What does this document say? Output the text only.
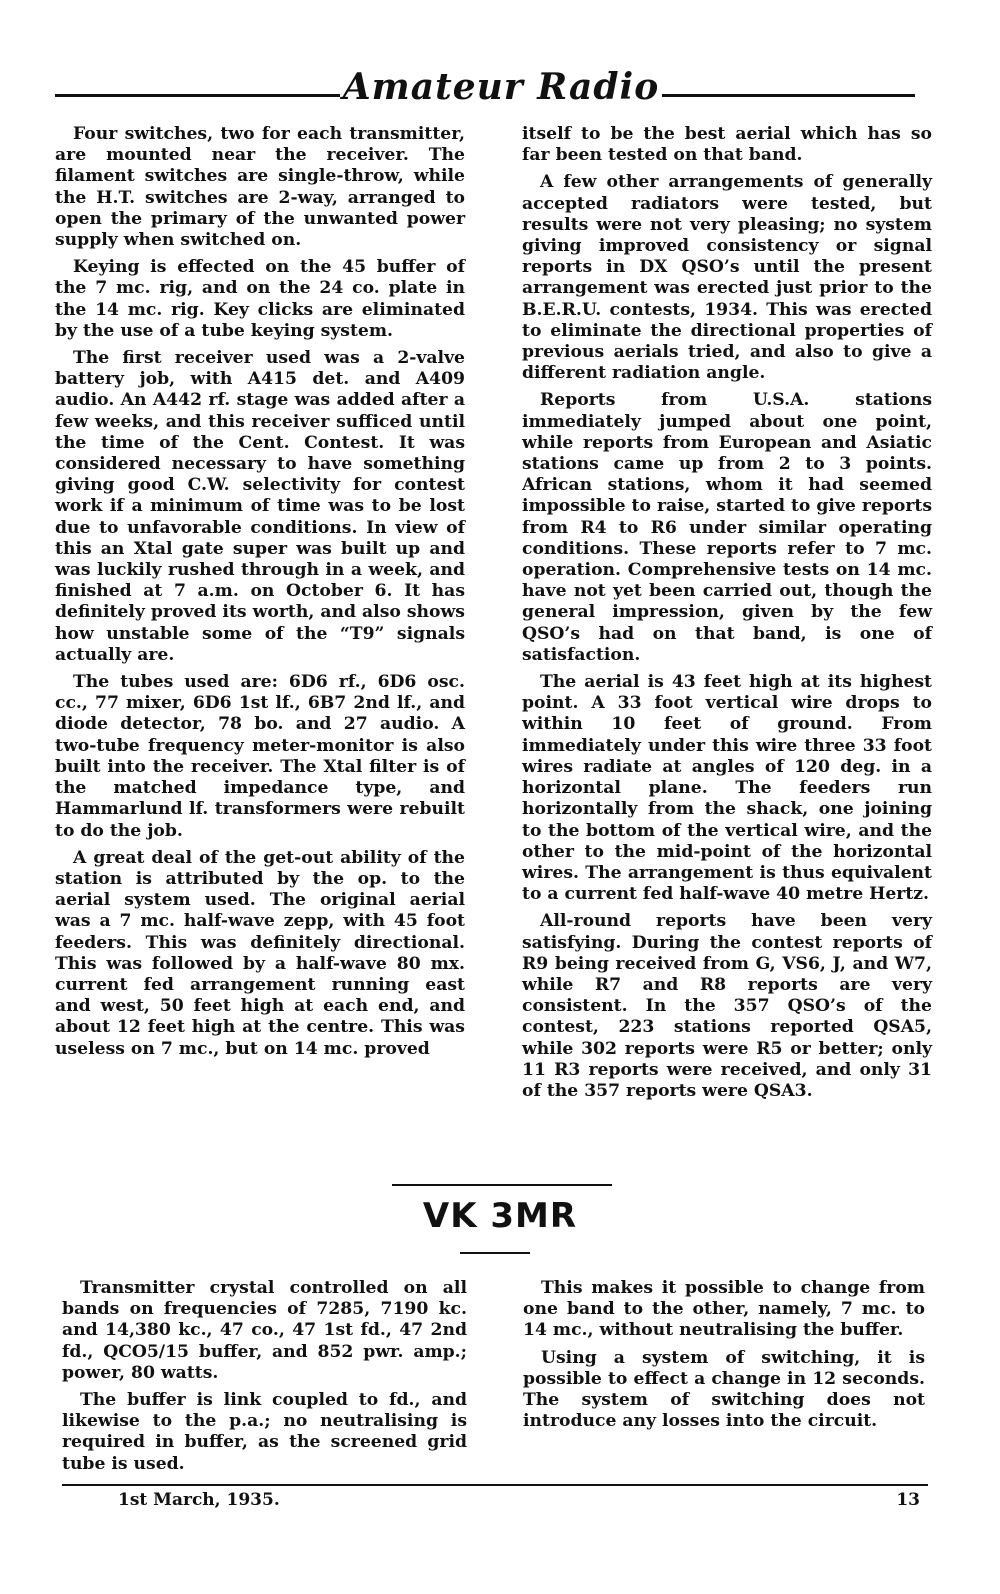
Amateur Radio

Four switches, two for each transmitter, are mounted near the receiver. The filament switches are single-throw, while the H.T. switches are 2-way, arranged to open the primary of the unwanted power supply when switched on.

Keying is effected on the 45 buffer of the 7 mc. rig, and on the 24 co. plate in the 14 mc. rig. Key clicks are eliminated by the use of a tube keying system.

The first receiver used was a 2-valve battery job, with A415 det. and A409 audio. An A442 rf. stage was added after a few weeks, and this receiver sufficed until the time of the Cent. Contest. It was considered necessary to have something giving good C.W. selectivity for contest work if a minimum of time was to be lost due to unfavorable conditions. In view of this an Xtal gate super was built up and was luckily rushed through in a week, and finished at 7 a.m. on October 6. It has definitely proved its worth, and also shows how unstable some of the “T9” signals actually are.

The tubes used are: 6D6 rf., 6D6 osc. cc., 77 mixer, 6D6 1st lf., 6B7 2nd lf., and diode detector, 78 bo. and 27 audio. A two-tube frequency meter-monitor is also built into the receiver. The Xtal filter is of the matched impedance type, and Hammarlund lf. transformers were rebuilt to do the job.

A great deal of the get-out ability of the station is attributed by the op. to the aerial system used. The original aerial was a 7 mc. half-wave zepp, with 45 foot feeders. This was definitely directional. This was followed by a half-wave 80 mx. current fed arrangement running east and west, 50 feet high at each end, and about 12 feet high at the centre. This was useless on 7 mc., but on 14 mc. proved

itself to be the best aerial which has so far been tested on that band.

A few other arrangements of generally accepted radiators were tested, but results were not very pleasing; no system giving improved consistency or signal reports in DX QSO’s until the present arrangement was erected just prior to the B.E.R.U. contests, 1934. This was erected to eliminate the directional properties of previous aerials tried, and also to give a different radiation angle.

Reports from U.S.A. stations immediately jumped about one point, while reports from European and Asiatic stations came up from 2 to 3 points. African stations, whom it had seemed impossible to raise, started to give reports from R4 to R6 under similar operating conditions. These reports refer to 7 mc. operation. Comprehensive tests on 14 mc. have not yet been carried out, though the general impression, given by the few QSO’s had on that band, is one of satisfaction.

The aerial is 43 feet high at its highest point. A 33 foot vertical wire drops to within 10 feet of ground. From immediately under this wire three 33 foot wires radiate at angles of 120 deg. in a horizontal plane. The feeders run horizontally from the shack, one joining to the bottom of the vertical wire, and the other to the mid-point of the horizontal wires. The arrangement is thus equivalent to a current fed half-wave 40 metre Hertz.

All-round reports have been very satisfying. During the contest reports of R9 being received from G, VS6, J, and W7, while R7 and R8 reports are very consistent. In the 357 QSO’s of the contest, 223 stations reported QSA5, while 302 reports were R5 or better; only 11 R3 reports were received, and only 31 of the 357 reports were QSA3.

VK 3MR

Transmitter crystal controlled on all bands on frequencies of 7285, 7190 kc. and 14,380 kc., 47 co., 47 1st fd., 47 2nd fd., QCO5/15 buffer, and 852 pwr. amp.; power, 80 watts.

The buffer is link coupled to fd., and likewise to the p.a.; no neutralising is required in buffer, as the screened grid tube is used.

This makes it possible to change from one band to the other, namely, 7 mc. to 14 mc., without neutralising the buffer.

Using a system of switching, it is possible to effect a change in 12 seconds. The system of switching does not introduce any losses into the circuit.

1st March, 1935.	13
